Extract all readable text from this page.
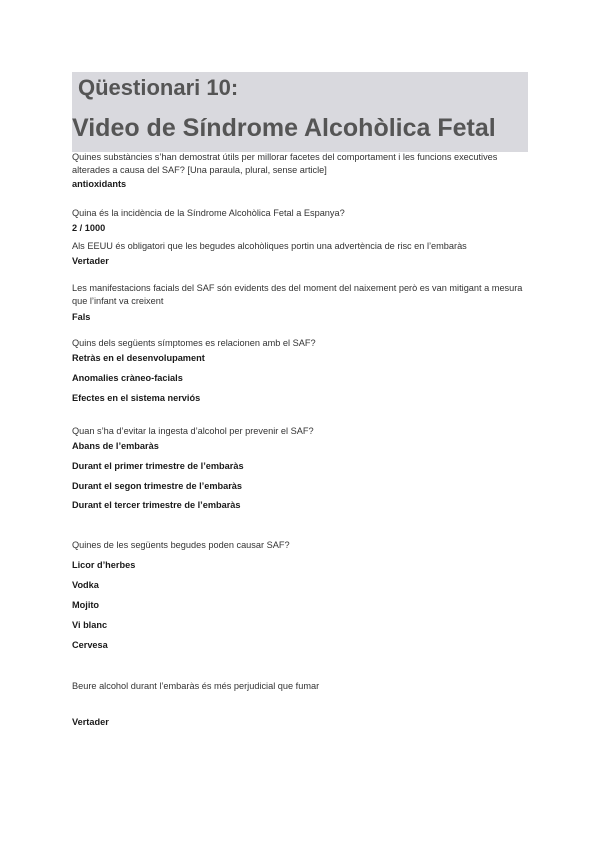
Qüestionari 10:
Video de Síndrome Alcohòlica Fetal

Quines substàncies s’han demostrat útils per millorar facetes del comportament i les funcions executives alterades a causa del SAF? [Una paraula, plural, sense article]

antioxidants

Quina és la incidència de la Síndrome Alcohòlica Fetal a Espanya?

2 / 1000

Als EEUU és obligatori que les begudes alcohòliques portin una advertència de risc en l’embaràs

Vertader

Les manifestacions facials del SAF són evidents des del moment del naixement però es van mitigant a mesura que l’infant va creixent

Fals

Quins dels següents símptomes es relacionen amb el SAF?

Retràs en el desenvolupament

Anomalies cràneo-facials

Efectes en el sistema nerviós

Quan s’ha d’evitar la ingesta d’alcohol per prevenir el SAF?

Abans de l’embaràs

Durant el primer trimestre de l’embaràs

Durant el segon trimestre de l’embaràs

Durant el tercer trimestre de l’embaràs

Quines de les següents begudes poden causar SAF?

Licor d’herbes

Vodka

Mojito

Vi blanc

Cervesa

Beure alcohol durant l’embaràs és més perjudicial que fumar

Vertader
